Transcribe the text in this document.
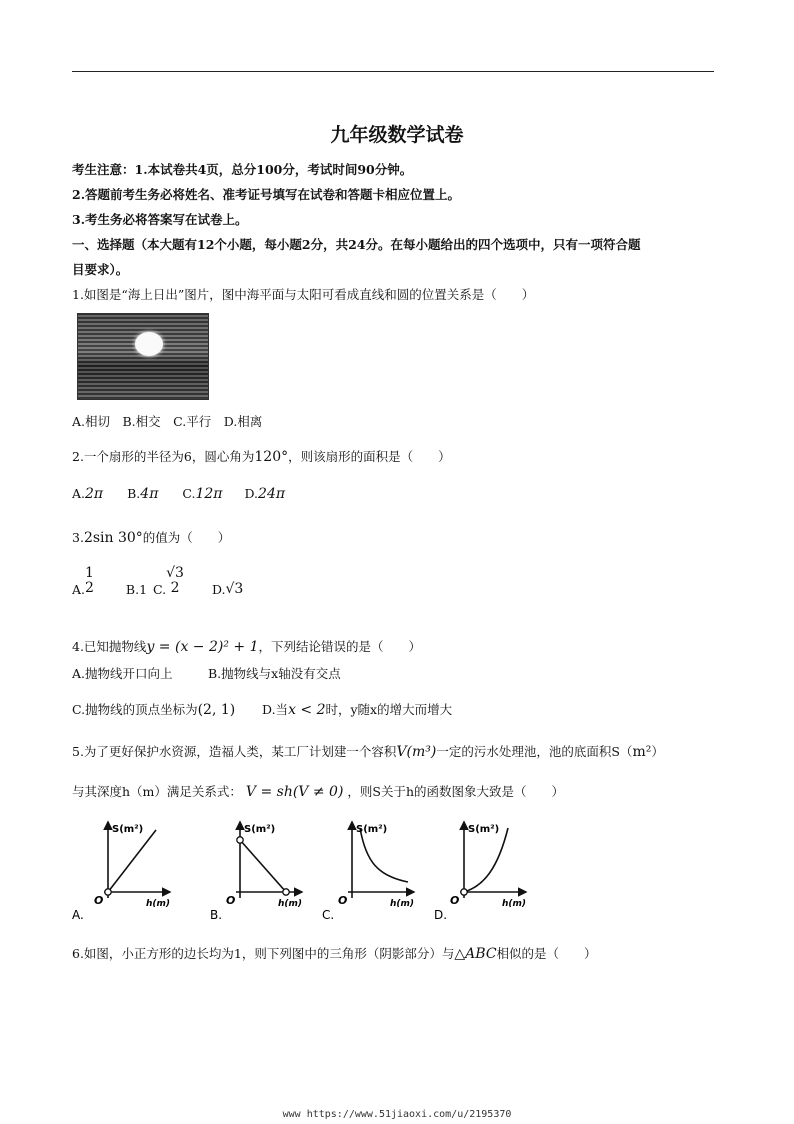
九年级数学试卷
考生注意：1.本试卷共4页，总分100分，考试时间90分钟。
2.答题前考生务必将姓名、准考证号填写在试卷和答题卡相应位置上。
3.考生务必将答案写在试卷上。
一、选择题（本大题有12个小题，每小题2分，共24分。在每小题给出的四个选项中，只有一项符合题
目要求）。
1.如图是“海上日出”图片，图中海平面与太阳可看成直线和圆的位置关系是（　　）
A.相切　B.相交　C.平行　D.相离
2.一个扇形的半径为6，圆心角为120°，则该扇形的面积是（　　）
A.2π B.4π C.12π D.24π
3.2sin 30°的值为（　　）
A.
1
2	B.1 C.
√3
2	D.√3
4.已知抛物线y = (x − 2)² + 1，下列结论错误的是（　　）
A.抛物线开口向上	B.抛物线与x轴没有交点
C.抛物线的顶点坐标为(2, 1) D.当x < 2时，y随x的增大而增大
5.为了更好保护水资源，造福人类，某工厂计划建一个容积V(m³)一定的污水处理池，池的底面积S（m²）
与其深度h（m）满足关系式： V = sh(V ≠ 0) ，则S关于h的函数图象大致是（　　）
S(m²)
h(m)
O
A.
S(m²)
h(m)
O
B.
S(m²)
h(m)
O
C.
S(m²)
h(m)
O
D.
6.如图，小正方形的边长均为1，则下列图中的三角形（阴影部分）与△ABC相似的是（　　）
www https://www.51jiaoxi.com/u/2195370
